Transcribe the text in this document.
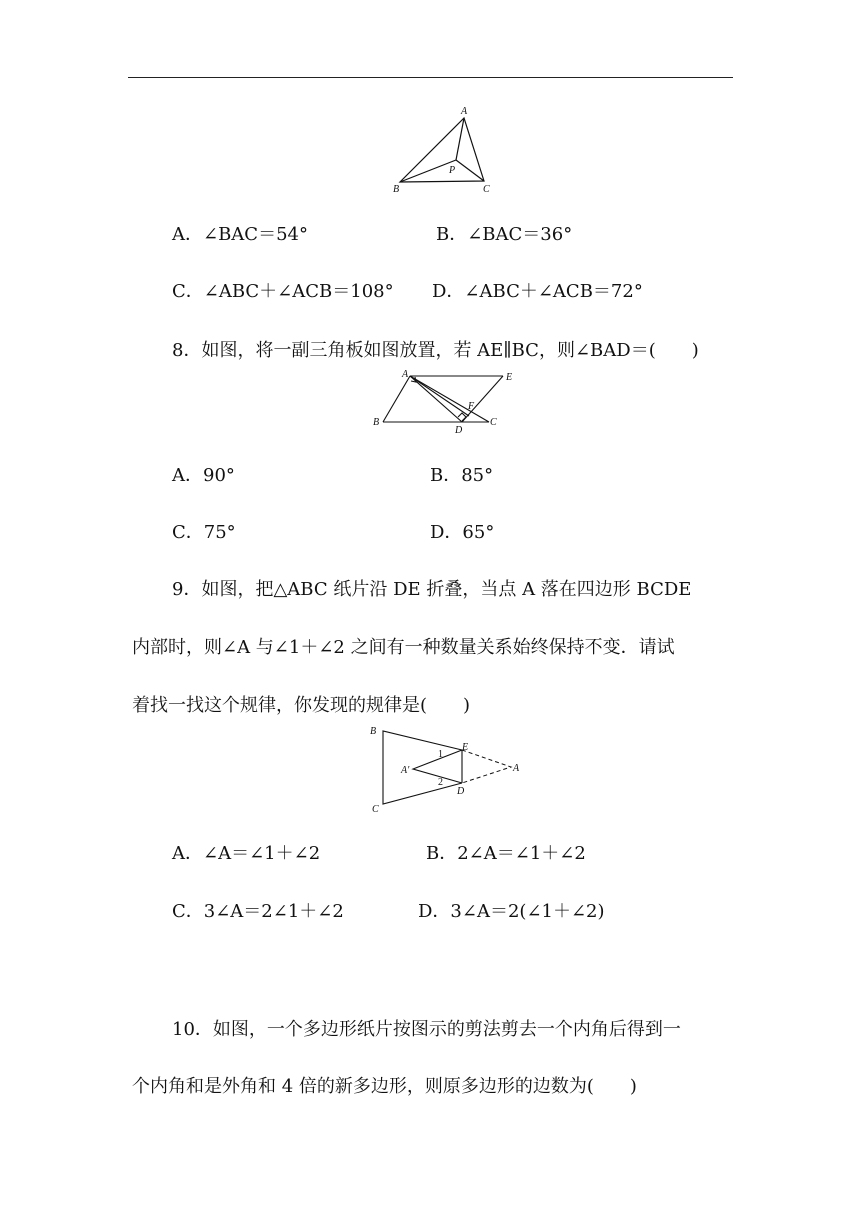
A
B	C
P
A．∠BAC＝54°	B．∠BAC＝36°
C．∠ABC＋∠ACB＝108° D．∠ABC＋∠ACB＝72°
8．如图，将一副三角板如图放置，若 AE∥BC，则∠BAD＝(　　)
A	E
B	C
D
F
A．90°	B．85°
C．75°	D．65°
9．如图，把△ABC 纸片沿 DE 折叠，当点 A 落在四边形 BCDE
内部时，则∠A 与∠1＋∠2 之间有一种数量关系始终保持不变．请试
着找一找这个规律，你发现的规律是(　　)
B
C
E
D
A
A′
1
2
A．∠A＝∠1＋∠2	B．2∠A＝∠1＋∠2
C．3∠A＝2∠1＋∠2	D．3∠A＝2(∠1＋∠2)
10．如图，一个多边形纸片按图示的剪法剪去一个内角后得到一
个内角和是外角和 4 倍的新多边形，则原多边形的边数为(　　)
